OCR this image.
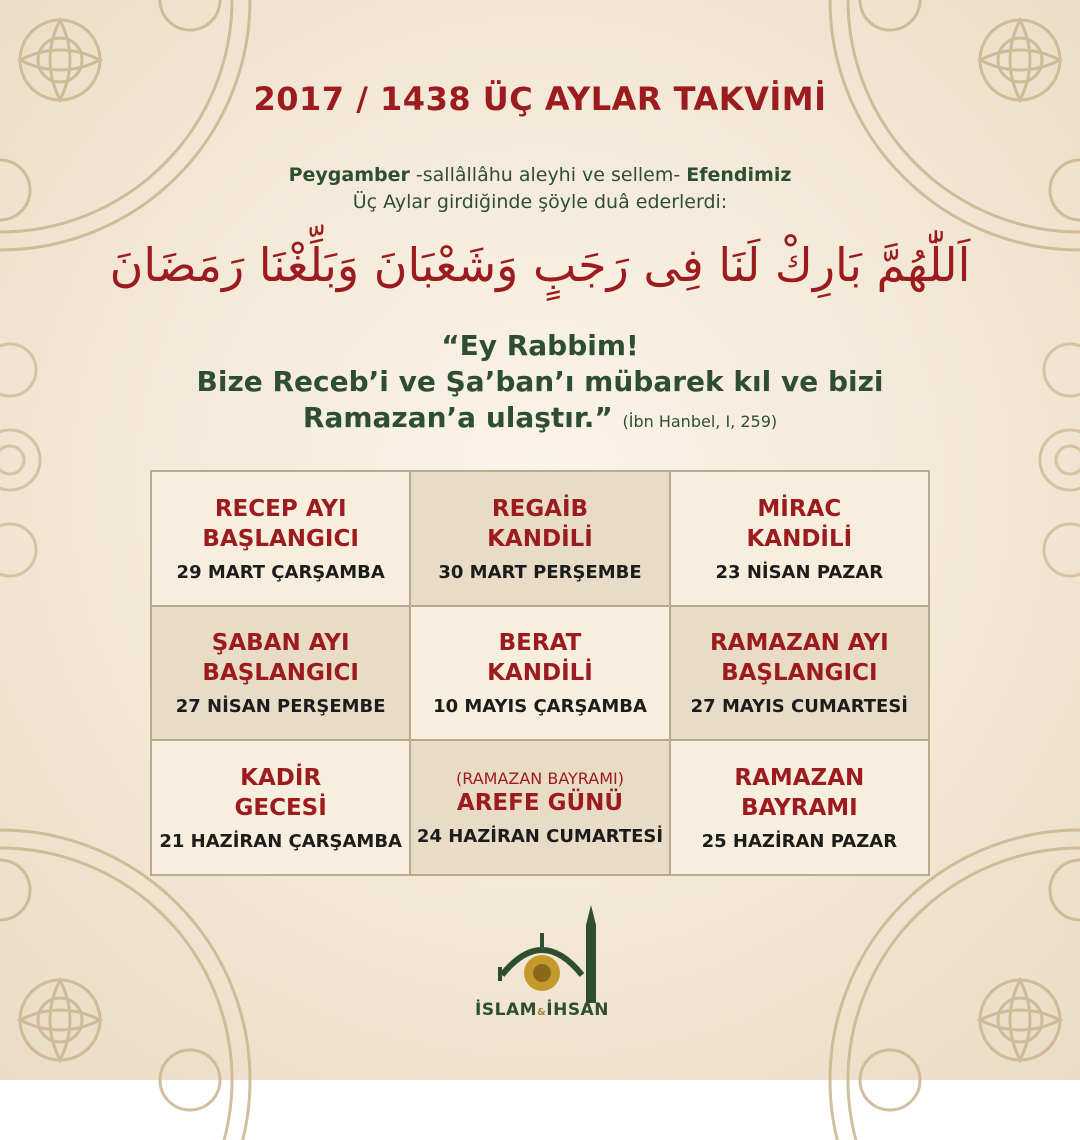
2017 / 1438 ÜÇ AYLAR TAKVİMİ
Peygamber -sallâllâhu aleyhi ve sellem- Efendimiz
Üç Aylar girdiğinde şöyle duâ ederlerdi:
اَللّٰهُمَّ بَارِكْ لَنَا فِى رَجَبٍ وَشَعْبَانَ وَبَلِّغْنَا رَمَضَانَ
“Ey Rabbim!
Bize Receb’i ve Şa’ban’ı mübarek kıl ve bizi
Ramazan’a ulaştır.” (İbn Hanbel, I, 259)
RECEP AYI
BAŞLANGICI
29 MART ÇARŞAMBA
REGAİB
KANDİLİ
30 MART PERŞEMBE
MİRAC
KANDİLİ
23 NİSAN PAZAR
ŞABAN AYI
BAŞLANGICI
27 NİSAN PERŞEMBE
BERAT
KANDİLİ
10 MAYIS ÇARŞAMBA
RAMAZAN AYI
BAŞLANGICI
27 MAYIS CUMARTESİ
KADİR
GECESİ
21 HAZİRAN ÇARŞAMBA
(RAMAZAN BAYRAMI)
AREFE GÜNÜ
24 HAZİRAN CUMARTESİ
RAMAZAN
BAYRAMI
25 HAZİRAN PAZAR
İSLAM&İHSAN
